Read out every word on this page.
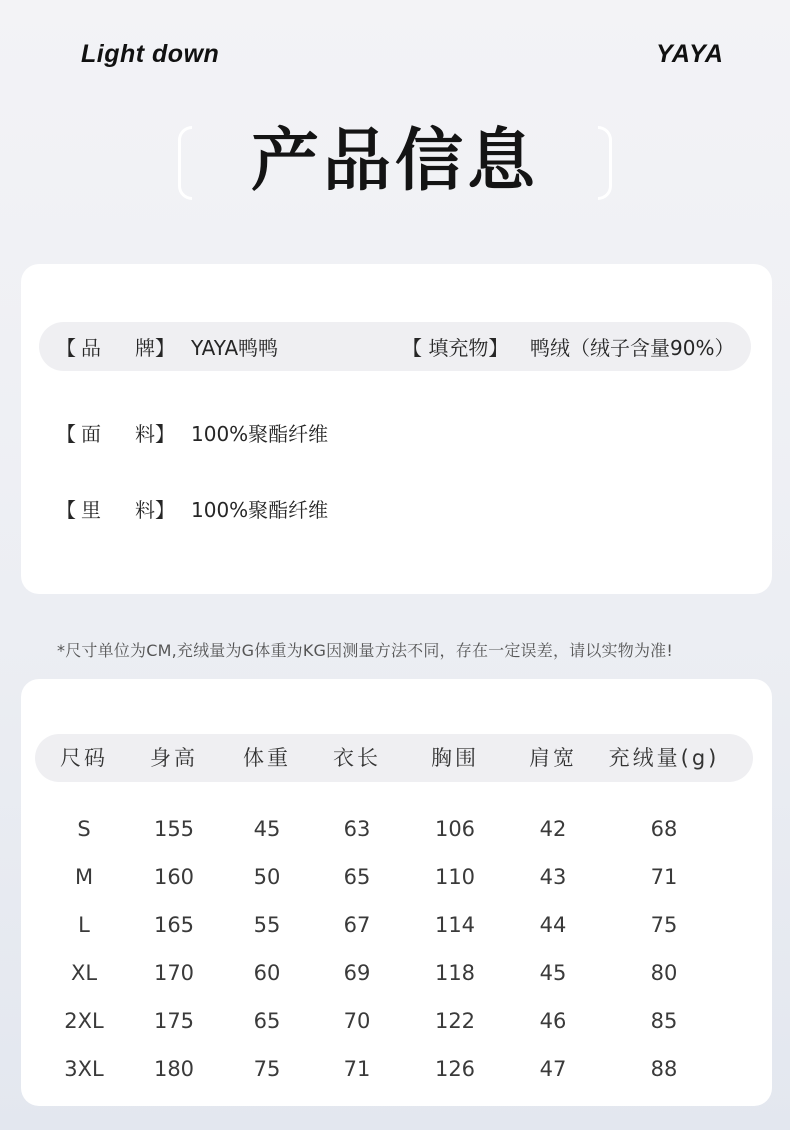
Light down	YAYA
产品信息
【 品 牌】 YAYA鸭鸭	【 填充物】 鸭绒（绒子含量90%）
【 面 料】 100%聚酯纤维
【 里 料】 100%聚酯纤维
*尺寸单位为CM,充绒量为G体重为KG因测量方法不同，存在一定误差，请以实物为准!
尺码 身高 体重 衣长 胸围 肩宽 充绒量(g)
S	155	45	63	106	42	68
M	160	50	65	110	43	71
L	165	55	67	114	44	75
XL	170	60	69	118	45	80
2XL	175	65	70	122	46	85
3XL	180	75	71	126	47	88
